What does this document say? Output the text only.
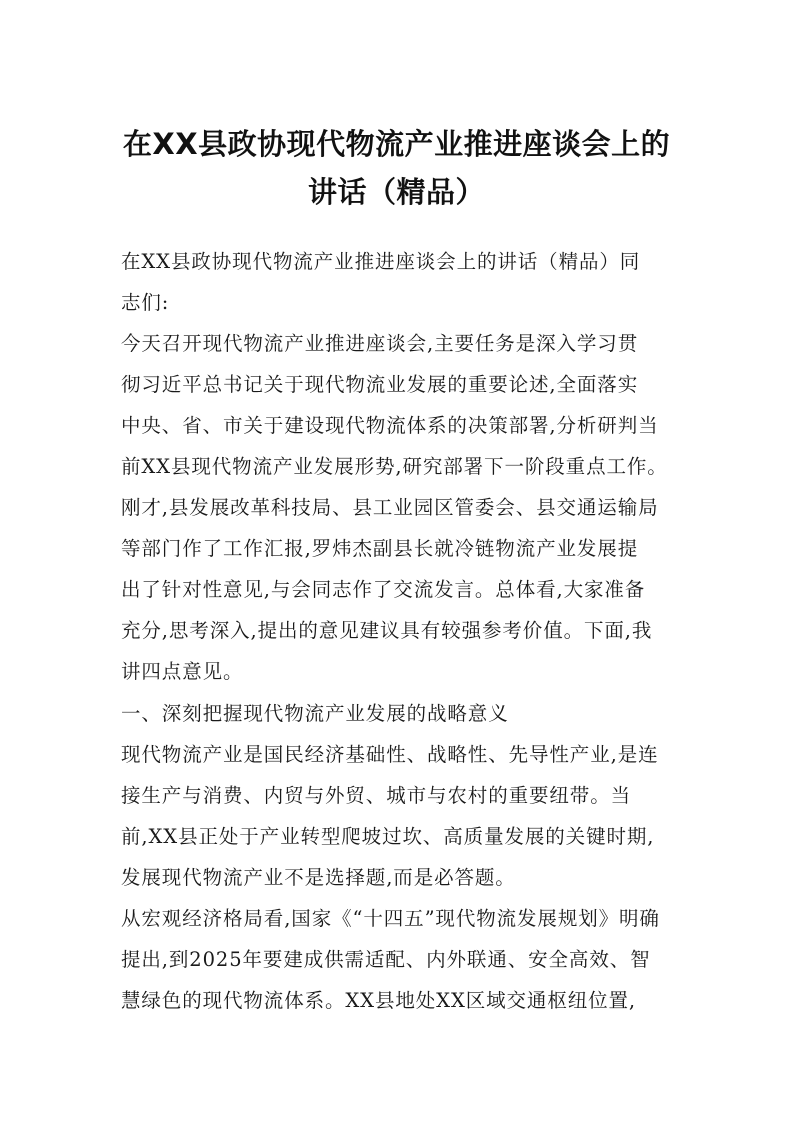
在XX县政协现代物流产业推进座谈会上的
讲话（精品）
在XX县政协现代物流产业推进座谈会上的讲话（精品）同
志们:
今天召开现代物流产业推进座谈会,主要任务是深入学习贯
彻习近平总书记关于现代物流业发展的重要论述,全面落实
中央、省、市关于建设现代物流体系的决策部署,分析研判当
前XX县现代物流产业发展形势,研究部署下一阶段重点工作。
刚才,县发展改革科技局、县工业园区管委会、县交通运输局
等部门作了工作汇报,罗炜杰副县长就冷链物流产业发展提
出了针对性意见,与会同志作了交流发言。总体看,大家准备
充分,思考深入,提出的意见建议具有较强参考价值。下面,我
讲四点意见。
一、深刻把握现代物流产业发展的战略意义
现代物流产业是国民经济基础性、战略性、先导性产业,是连
接生产与消费、内贸与外贸、城市与农村的重要纽带。当
前,XX县正处于产业转型爬坡过坎、高质量发展的关键时期,
发展现代物流产业不是选择题,而是必答题。
从宏观经济格局看,国家《“十四五”现代物流发展规划》明确
提出,到2025年要建成供需适配、内外联通、安全高效、智
慧绿色的现代物流体系。XX县地处XX区域交通枢纽位置,
